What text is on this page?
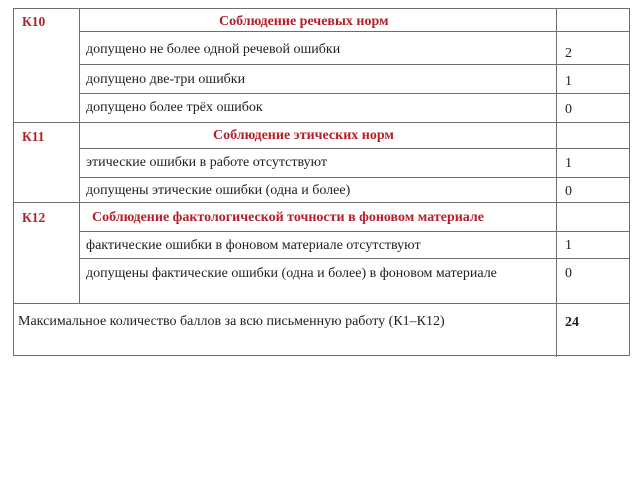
К10	Соблюдение речевых норм
допущено не более одной речевой ошибки	2
допущено две-три ошибки	1
допущено более трёх ошибок	0
К11	Соблюдение этических норм
этические ошибки в работе отсутствуют	1
допущены этические ошибки (одна и более)	0
К12	Соблюдение фактологической точности в фоновом материале
фактические ошибки в фоновом материале отсутствуют	1
допущены фактические ошибки (одна и более) в фоновом материале	0
Максимальное количество баллов за всю письменную работу (К1–К12)	24
